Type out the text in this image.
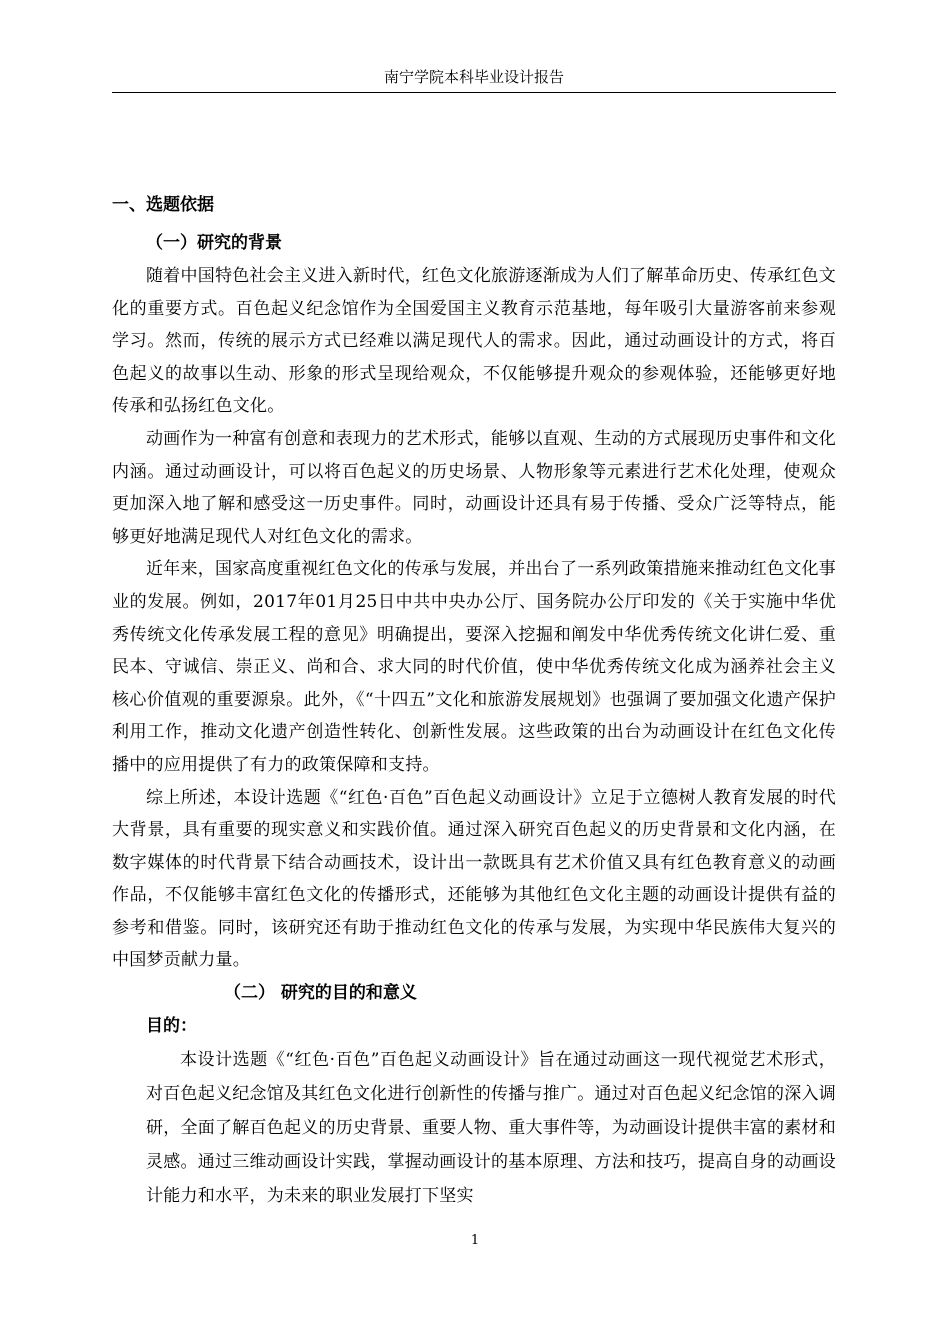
南宁学院本科毕业设计报告
一、选题依据
（一）研究的背景

随着中国特色社会主义进入新时代，红色文化旅游逐渐成为人们了解革命历史、传承红色文化的重要方式。百色起义纪念馆作为全国爱国主义教育示范基地，每年吸引大量游客前来参观学习。然而，传统的展示方式已经难以满足现代人的需求。因此，通过动画设计的方式，将百色起义的故事以生动、形象的形式呈现给观众，不仅能够提升观众的参观体验，还能够更好地传承和弘扬红色文化。

动画作为一种富有创意和表现力的艺术形式，能够以直观、生动的方式展现历史事件和文化内涵。通过动画设计，可以将百色起义的历史场景、人物形象等元素进行艺术化处理，使观众更加深入地了解和感受这一历史事件。同时，动画设计还具有易于传播、受众广泛等特点，能够更好地满足现代人对红色文化的需求。

近年来，国家高度重视红色文化的传承与发展，并出台了一系列政策措施来推动红色文化事业的发展。例如，2017年01月25日中共中央办公厅、国务院办公厅印发的《关于实施中华优秀传统文化传承发展工程的意见》明确提出，要深入挖掘和阐发中华优秀传统文化讲仁爱、重民本、守诚信、崇正义、尚和合、求大同的时代价值，使中华优秀传统文化成为涵养社会主义核心价值观的重要源泉。此外，《“十四五”文化和旅游发展规划》也强调了要加强文化遗产保护利用工作，推动文化遗产创造性转化、创新性发展。这些政策的出台为动画设计在红色文化传播中的应用提供了有力的政策保障和支持。

综上所述，本设计选题《“红色·百色”百色起义动画设计》立足于立德树人教育发展的时代大背景，具有重要的现实意义和实践价值。通过深入研究百色起义的历史背景和文化内涵，在数字媒体的时代背景下结合动画技术，设计出一款既具有艺术价值又具有红色教育意义的动画作品，不仅能够丰富红色文化的传播形式，还能够为其他红色文化主题的动画设计提供有益的参考和借鉴。同时，该研究还有助于推动红色文化的传承与发展，为实现中华民族伟大复兴的中国梦贡献力量。

（二） 研究的目的和意义
目的：

本设计选题《“红色·百色”百色起义动画设计》旨在通过动画这一现代视觉艺术形式，对百色起义纪念馆及其红色文化进行创新性的传播与推广。通过对百色起义纪念馆的深入调研，全面了解百色起义的历史背景、重要人物、重大事件等，为动画设计提供丰富的素材和灵感。通过三维动画设计实践，掌握动画设计的基本原理、方法和技巧，提高自身的动画设计能力和水平，为未来的职业发展打下坚实

1
